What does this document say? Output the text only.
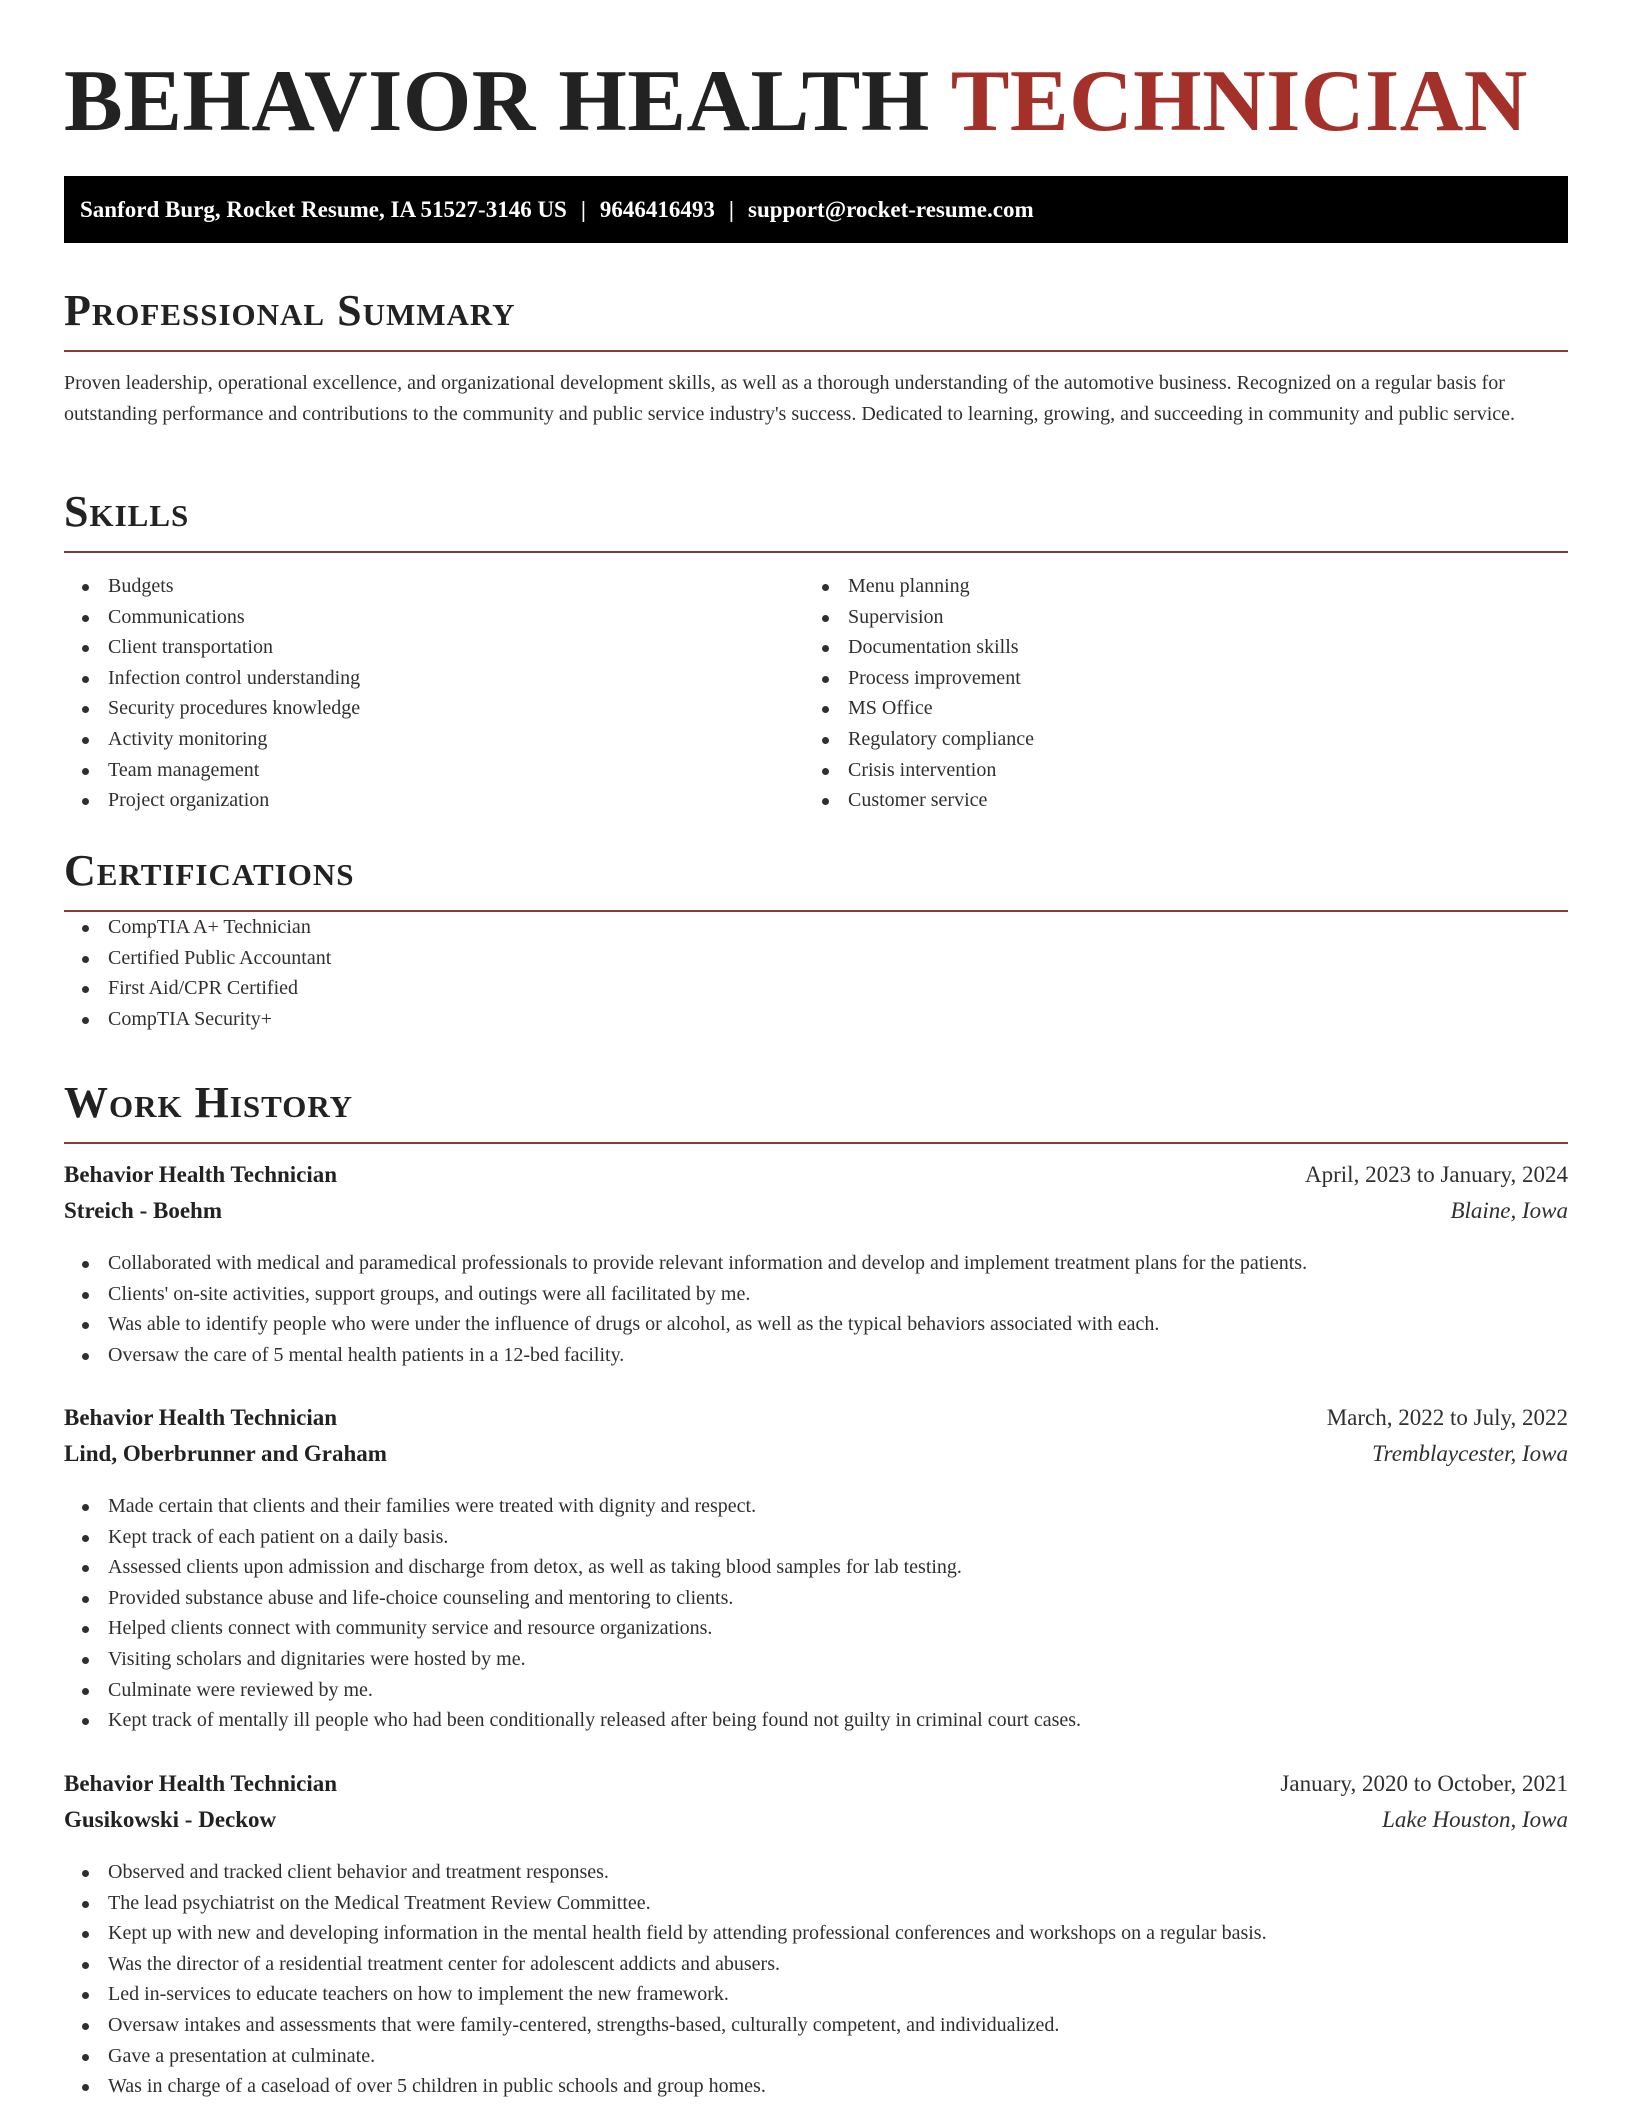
BEHAVIOR HEALTH TECHNICIAN
Sanford Burg, Rocket Resume, IA 51527-3146 US | 9646416493 | support@rocket-resume.com
Professional Summary

Proven leadership, operational excellence, and organizational development skills, as well as a thorough understanding of the automotive business. Recognized on a regular basis for outstanding performance and contributions to the community and public service industry's success. Dedicated to learning, growing, and succeeding in community and public service.

Skills
Budgets
Communications
Client transportation
Infection control understanding
Security procedures knowledge
Activity monitoring
Team management
Project organization
Menu planning
Supervision
Documentation skills
Process improvement
MS Office
Regulatory compliance
Crisis intervention
Customer service
Certifications
CompTIA A+ Technician
Certified Public Accountant
First Aid/CPR Certified
CompTIA Security+
Work History
Behavior Health Technician	April, 2023 to January, 2024
Streich - Boehm	Blaine, Iowa
Collaborated with medical and paramedical professionals to provide relevant information and develop and implement treatment plans for the patients.
Clients' on-site activities, support groups, and outings were all facilitated by me.
Was able to identify people who were under the influence of drugs or alcohol, as well as the typical behaviors associated with each.
Oversaw the care of 5 mental health patients in a 12-bed facility.
Behavior Health Technician	March, 2022 to July, 2022
Lind, Oberbrunner and Graham	Tremblaycester, Iowa
Made certain that clients and their families were treated with dignity and respect.
Kept track of each patient on a daily basis.
Assessed clients upon admission and discharge from detox, as well as taking blood samples for lab testing.
Provided substance abuse and life-choice counseling and mentoring to clients.
Helped clients connect with community service and resource organizations.
Visiting scholars and dignitaries were hosted by me.
Culminate were reviewed by me.
Kept track of mentally ill people who had been conditionally released after being found not guilty in criminal court cases.
Behavior Health Technician	January, 2020 to October, 2021
Gusikowski - Deckow	Lake Houston, Iowa
Observed and tracked client behavior and treatment responses.
The lead psychiatrist on the Medical Treatment Review Committee.
Kept up with new and developing information in the mental health field by attending professional conferences and workshops on a regular basis.
Was the director of a residential treatment center for adolescent addicts and abusers.
Led in-services to educate teachers on how to implement the new framework.
Oversaw intakes and assessments that were family-centered, strengths-based, culturally competent, and individualized.
Gave a presentation at culminate.
Was in charge of a caseload of over 5 children in public schools and group homes.
